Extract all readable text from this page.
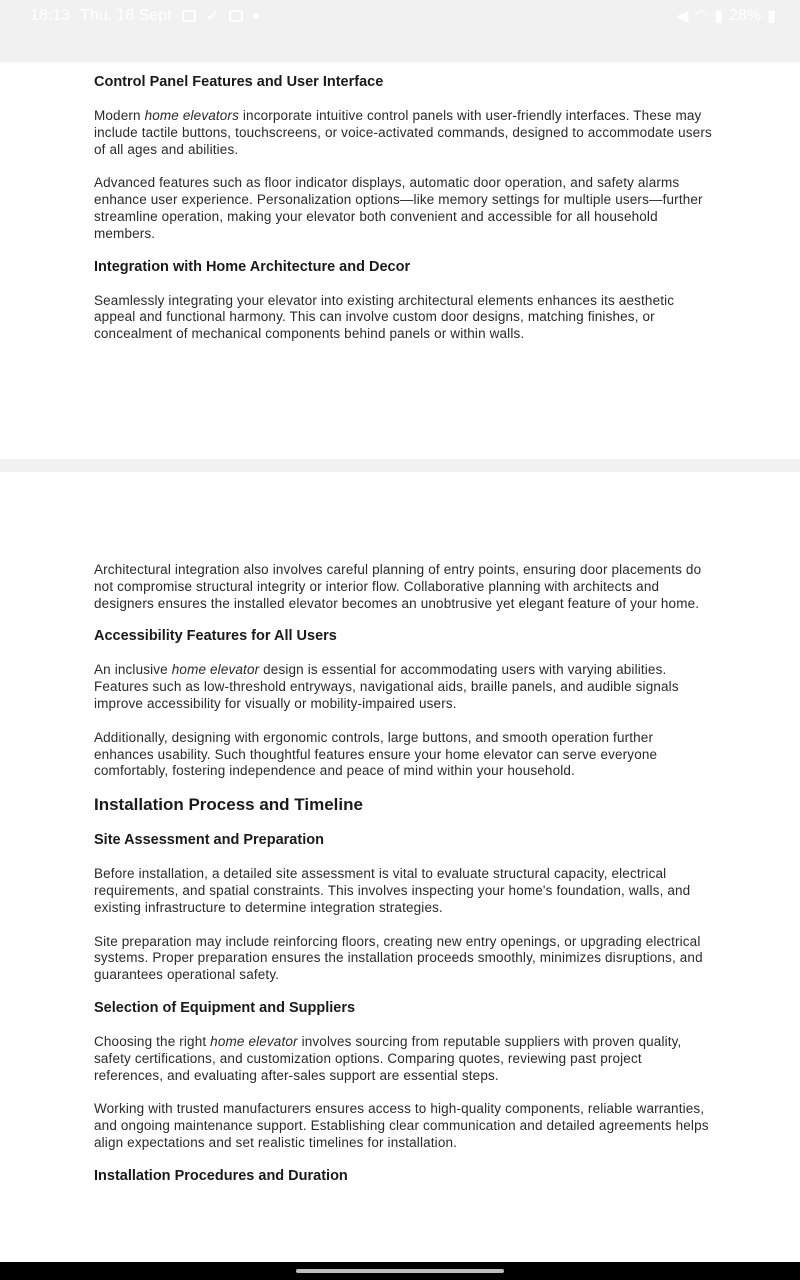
18:13 Thu, 18 Sept ✓	◀ ◠ ▮ 28% ▮
Control Panel Features and User Interface

Modern home elevators incorporate intuitive control panels with user-friendly interfaces. These may include tactile buttons, touchscreens, or voice-activated commands, designed to accommodate users of all ages and abilities.

Advanced features such as floor indicator displays, automatic door operation, and safety alarms enhance user experience. Personalization options—like memory settings for multiple users—further streamline operation, making your elevator both convenient and accessible for all household members.

Integration with Home Architecture and Decor

Seamlessly integrating your elevator into existing architectural elements enhances its aesthetic appeal and functional harmony. This can involve custom door designs, matching finishes, or concealment of mechanical components behind panels or within walls.

Architectural integration also involves careful planning of entry points, ensuring door placements do not compromise structural integrity or interior flow. Collaborative planning with architects and designers ensures the installed elevator becomes an unobtrusive yet elegant feature of your home.

Accessibility Features for All Users

An inclusive home elevator design is essential for accommodating users with varying abilities. Features such as low-threshold entryways, navigational aids, braille panels, and audible signals improve accessibility for visually or mobility-impaired users.

Additionally, designing with ergonomic controls, large buttons, and smooth operation further enhances usability. Such thoughtful features ensure your home elevator can serve everyone comfortably, fostering independence and peace of mind within your household.

Installation Process and Timeline
Site Assessment and Preparation

Before installation, a detailed site assessment is vital to evaluate structural capacity, electrical requirements, and spatial constraints. This involves inspecting your home's foundation, walls, and existing infrastructure to determine integration strategies.

Site preparation may include reinforcing floors, creating new entry openings, or upgrading electrical systems. Proper preparation ensures the installation proceeds smoothly, minimizes disruptions, and guarantees operational safety.

Selection of Equipment and Suppliers

Choosing the right home elevator involves sourcing from reputable suppliers with proven quality, safety certifications, and customization options. Comparing quotes, reviewing past project references, and evaluating after-sales support are essential steps.

Working with trusted manufacturers ensures access to high-quality components, reliable warranties, and ongoing maintenance support. Establishing clear communication and detailed agreements helps align expectations and set realistic timelines for installation.

Installation Procedures and Duration
